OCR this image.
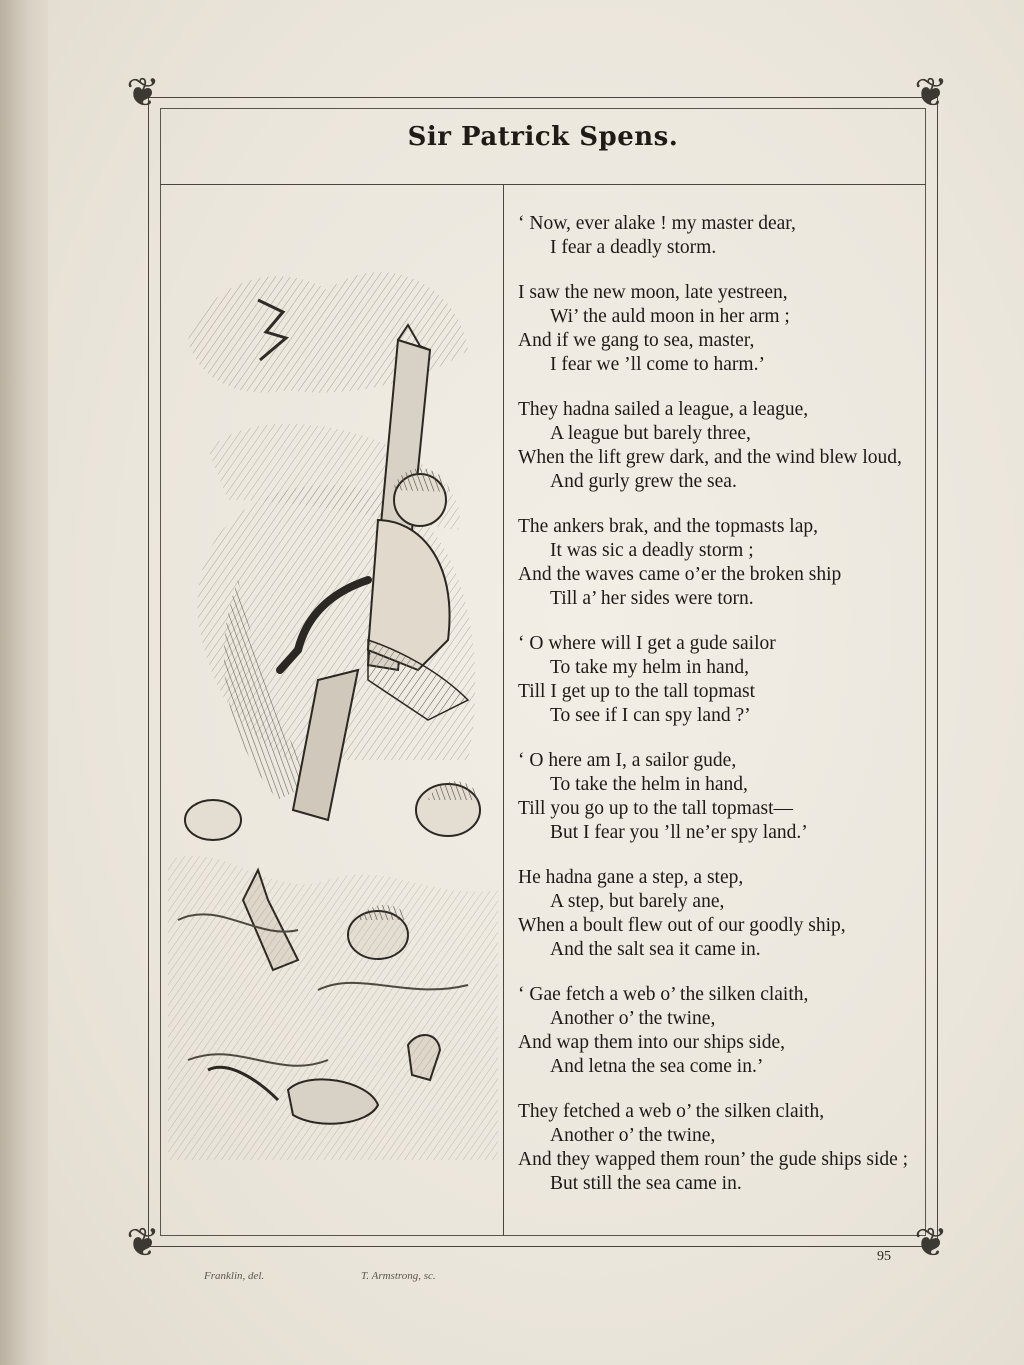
❦	❦
❦	❦
Sir Patrick Spens.
‘ Now, ever alake ! my master dear,
I fear a deadly storm.
I saw the new moon, late yestreen,
Wi’ the auld moon in her arm ;
And if we gang to sea, master,
I fear we ’ll come to harm.’
They hadna sailed a league, a league,
A league but barely three,
When the lift grew dark, and the wind blew loud,
And gurly grew the sea.
The ankers brak, and the topmasts lap,
It was sic a deadly storm ;
And the waves came o’er the broken ship
Till a’ her sides were torn.
‘ O where will I get a gude sailor
To take my helm in hand,
Till I get up to the tall topmast
To see if I can spy land ?’
‘ O here am I, a sailor gude,
To take the helm in hand,
Till you go up to the tall topmast—
But I fear you ’ll ne’er spy land.’
He hadna gane a step, a step,
A step, but barely ane,
When a boult flew out of our goodly ship,
And the salt sea it came in.
‘ Gae fetch a web o’ the silken claith,
Another o’ the twine,
And wap them into our ships side,
And letna the sea come in.’
They fetched a web o’ the silken claith,
Another o’ the twine,
And they wapped them roun’ the gude ships side ;
But still the sea came in.
Franklin, del.	T. Armstrong, sc.
95
